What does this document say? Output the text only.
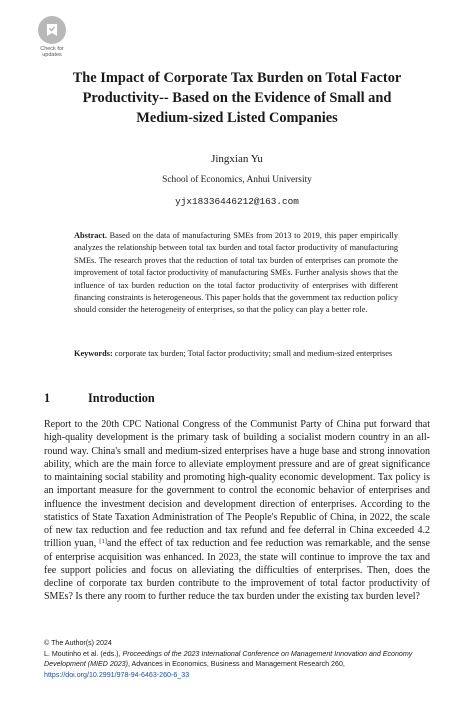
Check for
updates
The Impact of Corporate Tax Burden on Total Factor
Productivity-- Based on the Evidence of Small and
Medium-sized Listed Companies
Jingxian Yu
School of Economics, Anhui University
yjx18336446212@163.com
Abstract. Based on the data of manufacturing SMEs from 2013 to 2019, this paper empirically analyzes the relationship between total tax burden and total factor productivity of manufacturing SMEs. The research proves that the reduction of total tax burden of enterprises can promote the improvement of total factor productivity of manufacturing SMEs. Further analysis shows that the influence of tax burden reduction on the total factor productivity of enterprises with different financing constraints is heterogeneous. This paper holds that the government tax reduction policy should consider the heterogeneity of enterprises, so that the policy can play a better role.
Keywords: corporate tax burden; Total factor productivity; small and medium-sized enterprises
1	Introduction
Report to the 20th CPC National Congress of the Communist Party of China put forward that high-quality development is the primary task of building a socialist modern country in an all-round way. China's small and medium-sized enterprises have a huge base and strong innovation ability, which are the main force to alleviate employment pressure and are of great significance to maintaining social stability and promoting high-quality economic development. Tax policy is an important measure for the government to control the economic behavior of enterprises and influence the investment decision and development direction of enterprises. According to the statistics of State Taxation Administration of The People's Republic of China, in 2022, the scale of new tax reduction and fee reduction and tax refund and fee deferral in China exceeded 4.2 trillion yuan, [1]and the effect of tax reduction and fee reduction was remarkable, and the sense of enterprise acquisition was enhanced. In 2023, the state will continue to improve the tax and fee support policies and focus on alleviating the difficulties of enterprises. Then, does the decline of corporate tax burden contribute to the improvement of total factor productivity of SMEs? Is there any room to further reduce the tax burden under the existing tax burden level?
© The Author(s) 2024
L. Moutinho et al. (eds.), Proceedings of the 2023 International Conference on Management Innovation and Economy Development (MIED 2023), Advances in Economics, Business and Management Research 260,
https://doi.org/10.2991/978-94-6463-260-6_33
